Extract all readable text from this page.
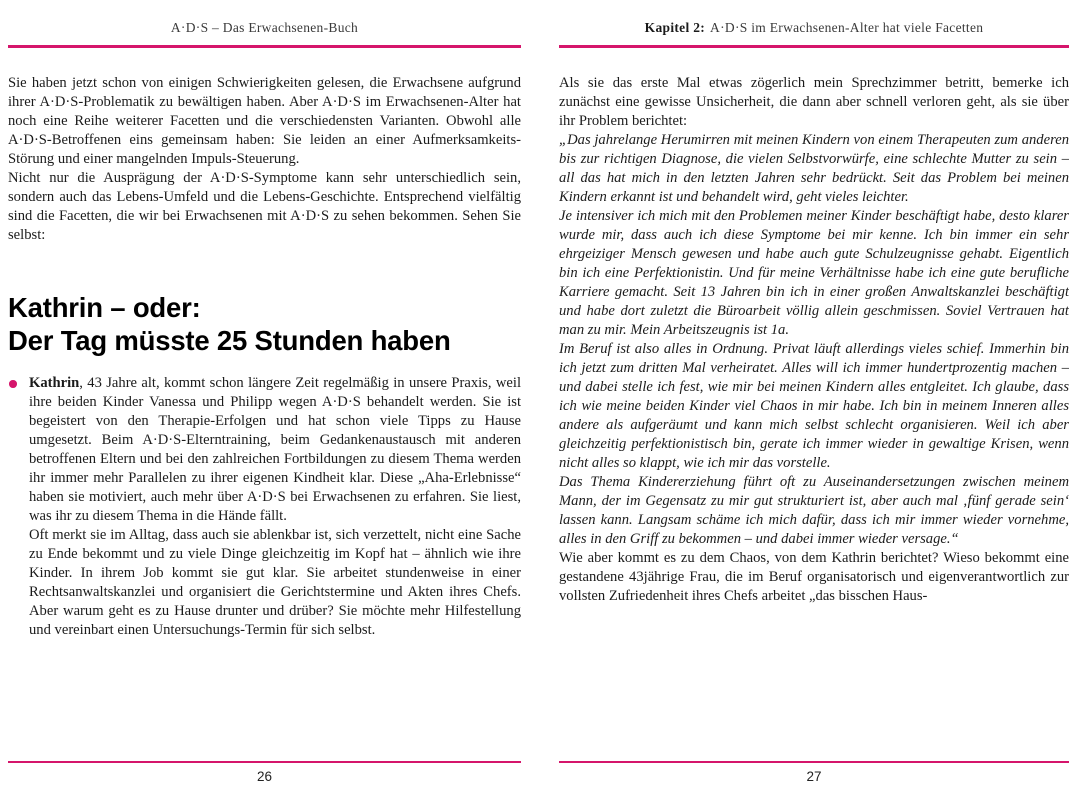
A·D·S – Das Erwachsenen-Buch

Sie haben jetzt schon von einigen Schwierigkeiten gelesen, die Erwachsene aufgrund ihrer A·D·S-Problematik zu bewältigen haben. Aber A·D·S im Erwachsenen-Alter hat noch eine Reihe weiterer Facetten und die verschiedensten Varianten. Obwohl alle A·D·S-Betroffenen eins gemeinsam haben: Sie leiden an einer Aufmerksamkeits-Störung und einer mangelnden Impuls-Steuerung.

Nicht nur die Ausprägung der A·D·S-Symptome kann sehr unterschiedlich sein, sondern auch das Lebens-Umfeld und die Lebens-Geschichte. Entsprechend vielfältig sind die Facetten, die wir bei Erwachsenen mit A·D·S zu sehen bekommen. Sehen Sie selbst:

Kathrin – oder:
Der Tag müsste 25 Stunden haben

Kathrin, 43 Jahre alt, kommt schon längere Zeit regelmäßig in unsere Praxis, weil ihre beiden Kinder Vanessa und Philipp wegen A·D·S behandelt werden. Sie ist begeistert von den Therapie-Erfolgen und hat schon viele Tipps zu Hause umgesetzt. Beim A·D·S-Elterntraining, beim Gedankenaustausch mit anderen betroffenen Eltern und bei den zahlreichen Fortbildungen zu diesem Thema werden ihr immer mehr Parallelen zu ihrer eigenen Kindheit klar. Diese „Aha-Erlebnisse“ haben sie motiviert, auch mehr über A·D·S bei Erwachsenen zu erfahren. Sie liest, was ihr zu diesem Thema in die Hände fällt.

Oft merkt sie im Alltag, dass auch sie ablenkbar ist, sich verzettelt, nicht eine Sache zu Ende bekommt und zu viele Dinge gleichzeitig im Kopf hat – ähnlich wie ihre Kinder. In ihrem Job kommt sie gut klar. Sie arbeitet stundenweise in einer Rechtsanwaltskanzlei und organisiert die Gerichtstermine und Akten ihres Chefs. Aber warum geht es zu Hause drunter und drüber? Sie möchte mehr Hilfestellung und vereinbart einen Untersuchungs-Termin für sich selbst.

26
Kapitel 2: A·D·S im Erwachsenen-Alter hat viele Facetten

Als sie das erste Mal etwas zögerlich mein Sprechzimmer betritt, bemerke ich zunächst eine gewisse Unsicherheit, die dann aber schnell verloren geht, als sie über ihr Problem berichtet:

„Das jahrelange Herumirren mit meinen Kindern von einem Therapeuten zum anderen bis zur richtigen Diagnose, die vielen Selbstvorwürfe, eine schlechte Mutter zu sein – all das hat mich in den letzten Jahren sehr bedrückt. Seit das Problem bei meinen Kindern erkannt ist und behandelt wird, geht vieles leichter.

Je intensiver ich mich mit den Problemen meiner Kinder beschäftigt habe, desto klarer wurde mir, dass auch ich diese Symptome bei mir kenne. Ich bin immer ein sehr ehrgeiziger Mensch gewesen und habe auch gute Schulzeugnisse gehabt. Eigentlich bin ich eine Perfektionistin. Und für meine Verhältnisse habe ich eine gute berufliche Karriere gemacht. Seit 13 Jahren bin ich in einer großen Anwaltskanzlei beschäftigt und habe dort zuletzt die Büroarbeit völlig allein geschmissen. Soviel Vertrauen hat man zu mir. Mein Arbeitszeugnis ist 1a.

Im Beruf ist also alles in Ordnung. Privat läuft allerdings vieles schief. Immerhin bin ich jetzt zum dritten Mal verheiratet. Alles will ich immer hundertprozentig machen – und dabei stelle ich fest, wie mir bei meinen Kindern alles entgleitet. Ich glaube, dass ich wie meine beiden Kinder viel Chaos in mir habe. Ich bin in meinem Inneren alles andere als aufgeräumt und kann mich selbst schlecht organisieren. Weil ich aber gleichzeitig perfektionistisch bin, gerate ich immer wieder in gewaltige Krisen, wenn nicht alles so klappt, wie ich mir das vorstelle.

Das Thema Kindererziehung führt oft zu Auseinandersetzungen zwischen meinem Mann, der im Gegensatz zu mir gut strukturiert ist, aber auch mal ‚fünf gerade sein‘ lassen kann. Langsam schäme ich mich dafür, dass ich mir immer wieder vornehme, alles in den Griff zu bekommen – und dabei immer wieder versage.“

Wie aber kommt es zu dem Chaos, von dem Kathrin berichtet? Wieso bekommt eine gestandene 43jährige Frau, die im Beruf organisatorisch und eigenverantwortlich zur vollsten Zufriedenheit ihres Chefs arbeitet „das bisschen Haus-

27
